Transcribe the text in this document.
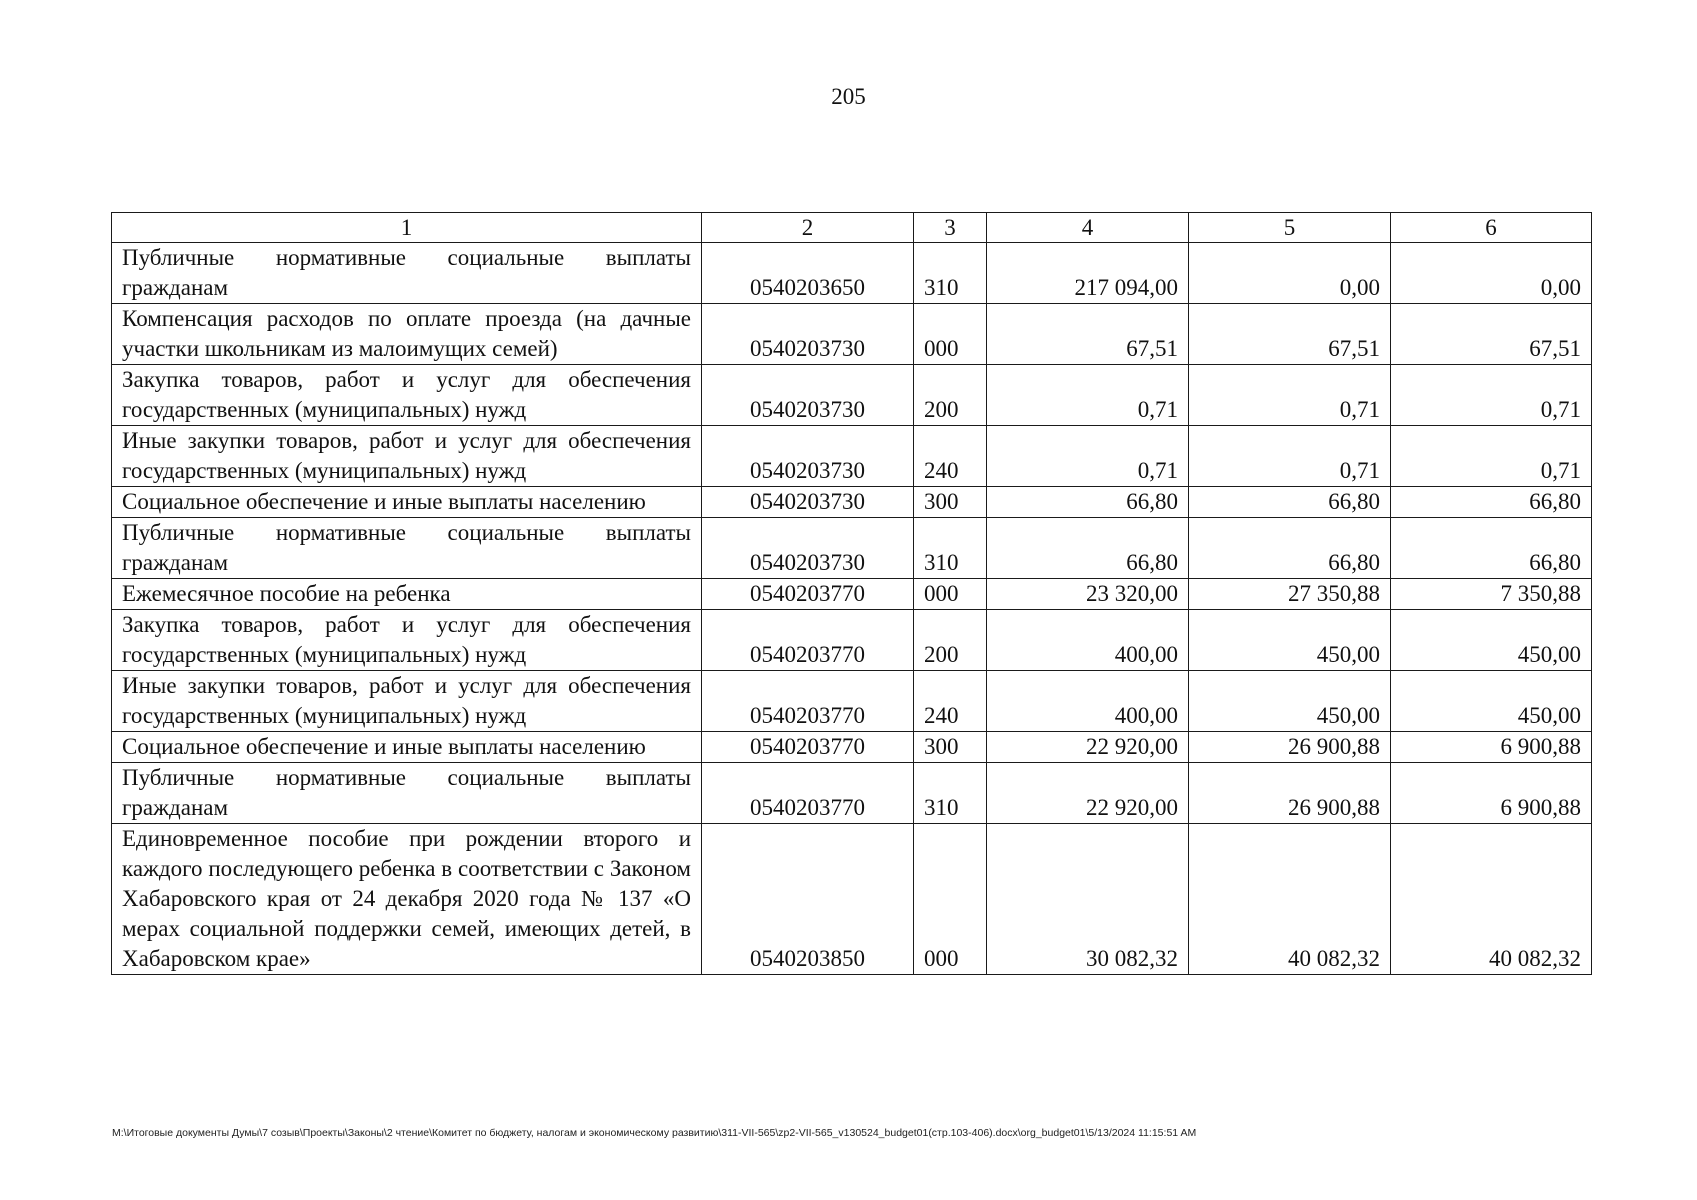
205
1	2	3	4	5	6
Публичные нормативные социальные выплаты гражданам	0540203650	310	217 094,00	0,00	0,00
Компенсация расходов по оплате проезда (на дачные участки школьникам из малоимущих семей)	0540203730	000	67,51	67,51	67,51
Закупка товаров, работ и услуг для обеспечения государственных (муниципальных) нужд	0540203730	200	0,71	0,71	0,71
Иные закупки товаров, работ и услуг для обеспечения государственных (муниципальных) нужд	0540203730	240	0,71	0,71	0,71
Социальное обеспечение и иные выплаты населению	0540203730	300	66,80	66,80	66,80
Публичные нормативные социальные выплаты гражданам	0540203730	310	66,80	66,80	66,80
Ежемесячное пособие на ребенка	0540203770	000	23 320,00	27 350,88	7 350,88
Закупка товаров, работ и услуг для обеспечения государственных (муниципальных) нужд	0540203770	200	400,00	450,00	450,00
Иные закупки товаров, работ и услуг для обеспечения государственных (муниципальных) нужд	0540203770	240	400,00	450,00	450,00
Социальное обеспечение и иные выплаты населению	0540203770	300	22 920,00	26 900,88	6 900,88
Публичные нормативные социальные выплаты гражданам	0540203770	310	22 920,00	26 900,88	6 900,88
Единовременное пособие при рождении второго и каждого последующего ребенка в соответствии с Законом Хабаровского края от 24 декабря 2020 года № 137 «О мерах социальной поддержки семей, имеющих детей, в Хабаровском крае»	0540203850	000	30 082,32	40 082,32	40 082,32
M:\Итоговые документы Думы\7 созыв\Проекты\Законы\2 чтение\Комитет по бюджету, налогам и экономическому развитию\311-VII-565\zp2-VII-565_v130524_budget01(стр.103-406).docx\org_budget01\5/13/2024 11:15:51 AM
